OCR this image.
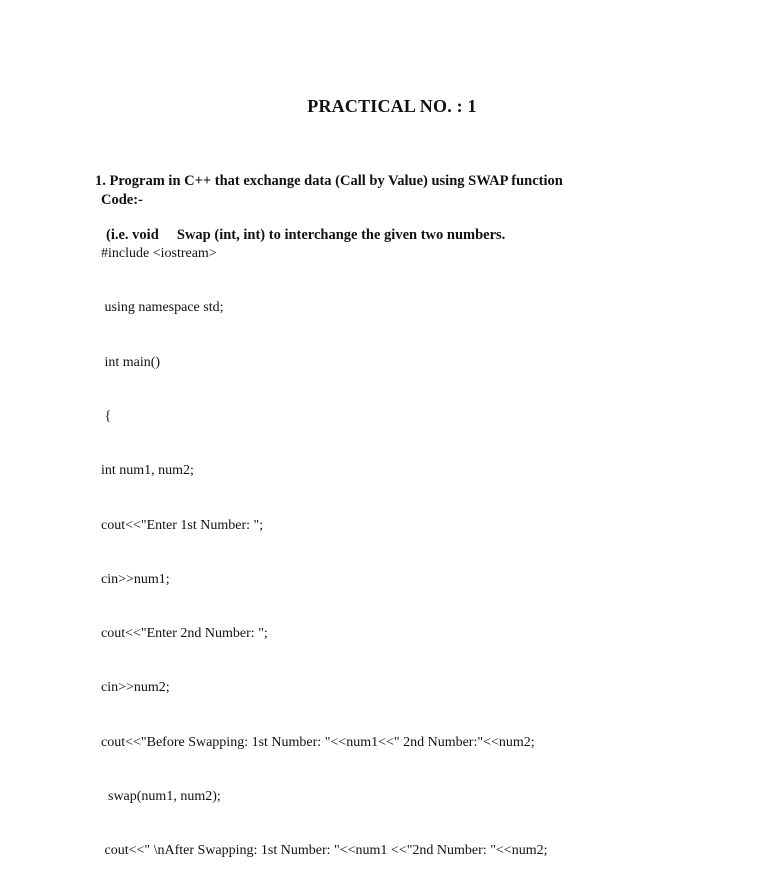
PRACTICAL NO. : 1

1. Program in C++ that exchange data (Call by Value) using SWAP function

(i.e. void     Swap (int, int) to interchange the given two numbers.

Code:-

#include <iostream>

using namespace std;

int main()

{

int num1, num2;

cout<<"Enter 1st Number: ";

cin>>num1;

cout<<"Enter 2nd Number: ";

cin>>num2;

cout<<"Before Swapping: 1st Number: "<<num1<<" 2nd Number:"<<num2;

swap(num1, num2);

cout<<" \nAfter Swapping: 1st Number: "<<num1 <<"2nd Number: "<<num2;
